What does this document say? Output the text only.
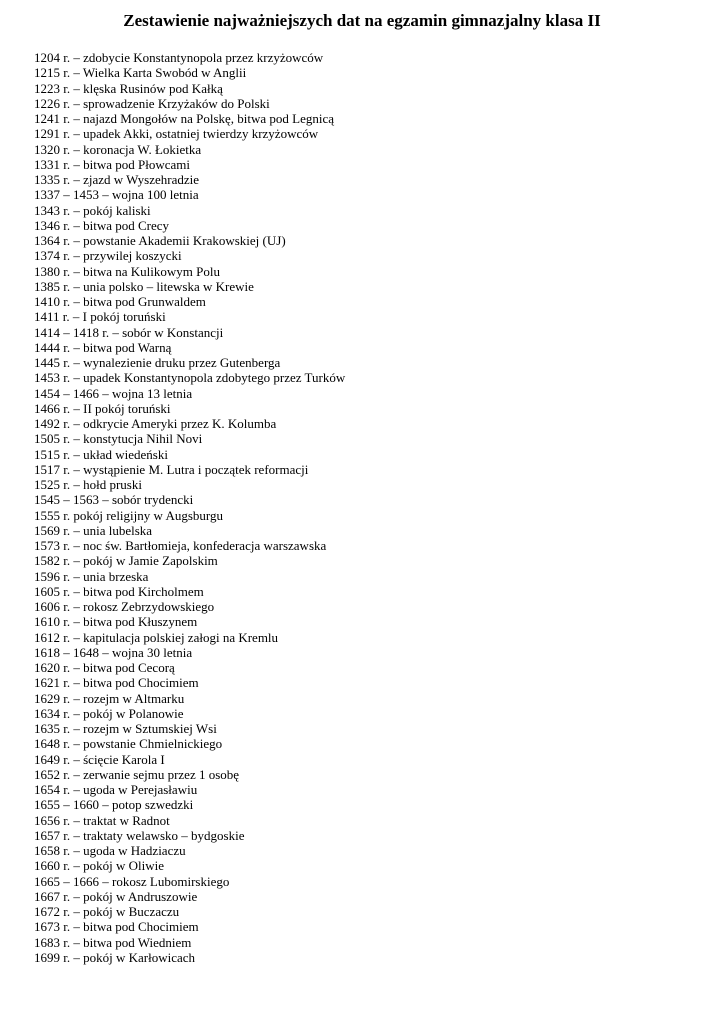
Zestawienie najważniejszych dat na egzamin gimnazjalny klasa II
1204 r. – zdobycie Konstantynopola przez krzyżowców
1215 r. – Wielka Karta Swobód w Anglii
1223 r. – klęska Rusinów pod Kałką
1226 r. – sprowadzenie Krzyżaków do Polski
1241 r. – najazd Mongołów na Polskę, bitwa pod Legnicą
1291 r. – upadek Akki, ostatniej twierdzy krzyżowców
1320 r. – koronacja W. Łokietka
1331 r. – bitwa pod Płowcami
1335 r. – zjazd w Wyszehradzie
1337 – 1453 – wojna 100 letnia
1343 r. – pokój kaliski
1346 r. – bitwa pod Crecy
1364 r. – powstanie Akademii Krakowskiej (UJ)
1374 r. – przywilej koszycki
1380 r. – bitwa na Kulikowym Polu
1385 r. – unia polsko – litewska w Krewie
1410 r. – bitwa pod Grunwaldem
1411 r. – I pokój toruński
1414 – 1418 r. – sobór w Konstancji
1444 r. – bitwa pod Warną
1445 r. – wynalezienie druku przez Gutenberga
1453 r. – upadek Konstantynopola zdobytego przez Turków
1454 – 1466 – wojna 13 letnia
1466 r. – II pokój toruński
1492 r. – odkrycie Ameryki przez K. Kolumba
1505 r. – konstytucja Nihil Novi
1515 r. – układ wiedeński
1517 r. – wystąpienie M. Lutra i początek reformacji
1525 r. – hołd pruski
1545 – 1563 – sobór trydencki
1555 r. pokój religijny w Augsburgu
1569 r. – unia lubelska
1573 r. – noc św. Bartłomieja, konfederacja warszawska
1582 r. – pokój w Jamie Zapolskim
1596 r. – unia brzeska
1605 r. – bitwa pod Kircholmem
1606 r. – rokosz Zebrzydowskiego
1610 r. – bitwa pod Kłuszynem
1612 r. – kapitulacja polskiej załogi na Kremlu
1618 – 1648 – wojna 30 letnia
1620 r. – bitwa pod Cecorą
1621 r. – bitwa pod Chocimiem
1629 r. – rozejm w Altmarku
1634 r. – pokój w Polanowie
1635 r. – rozejm w Sztumskiej Wsi
1648 r. – powstanie Chmielnickiego
1649 r. – ścięcie Karola I
1652 r. – zerwanie sejmu przez 1 osobę
1654 r. – ugoda w Perejasławiu
1655 – 1660 – potop szwedzki
1656 r. – traktat w Radnot
1657 r. – traktaty welawsko – bydgoskie
1658 r. – ugoda w Hadziaczu
1660 r. – pokój w Oliwie
1665 – 1666 – rokosz Lubomirskiego
1667 r. – pokój w Andruszowie
1672 r. – pokój w Buczaczu
1673 r. – bitwa pod Chocimiem
1683 r. – bitwa pod Wiedniem
1699 r. – pokój w Karłowicach
